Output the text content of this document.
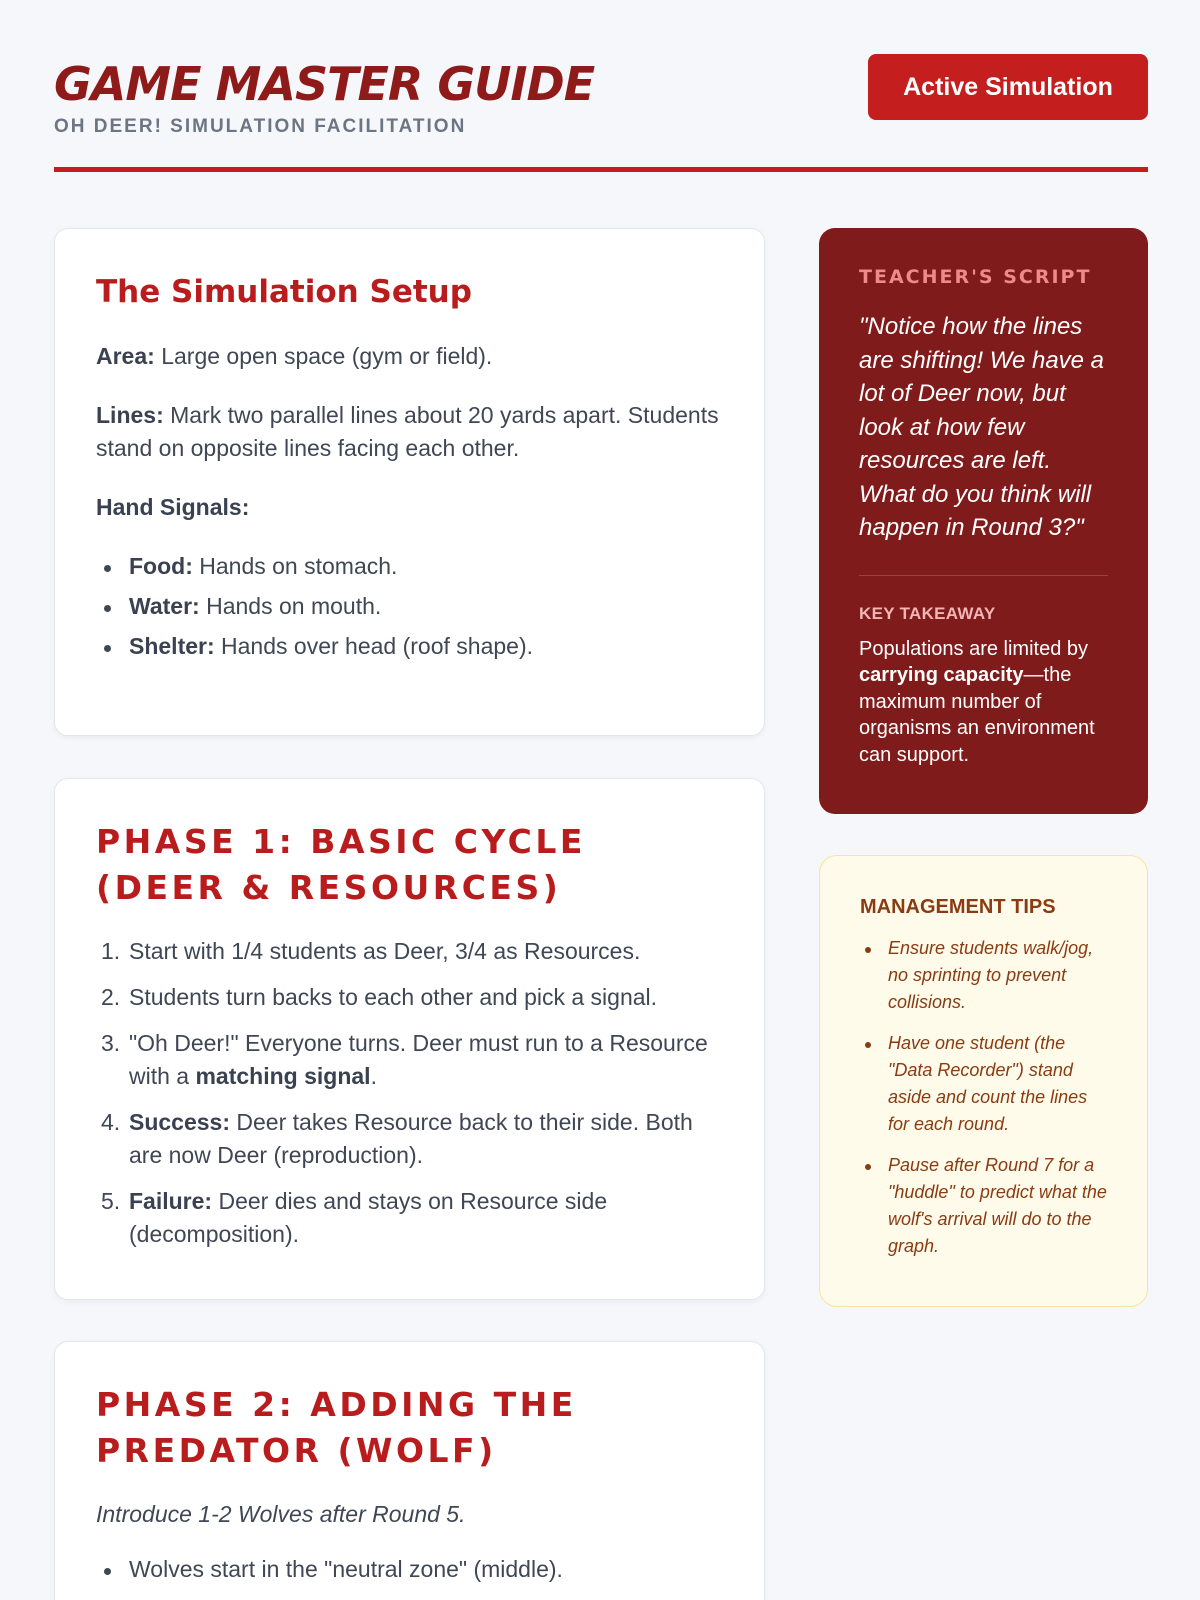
GAME MASTER GUIDE
OH DEER! SIMULATION FACILITATION
Active Simulation
The Simulation Setup

Area: Large open space (gym or field).

Lines: Mark two parallel lines about 20 yards apart. Students stand on opposite lines facing each other.

Hand Signals:

Food: Hands on stomach.
Water: Hands on mouth.
Shelter: Hands over head (roof shape).
PHASE 1: BASIC CYCLE (DEER & RESOURCES)
1. Start with 1/4 students as Deer, 3/4 as Resources.
2. Students turn backs to each other and pick a signal.
3. "Oh Deer!" Everyone turns. Deer must run to a Resource with a matching signal.
4. Success: Deer takes Resource back to their side. Both are now Deer (reproduction).
5. Failure: Deer dies and stays on Resource side (decomposition).
PHASE 2: ADDING THE PREDATOR (WOLF)

Introduce 1-2 Wolves after Round 5.

Wolves start in the "neutral zone" (middle).
TEACHER'S SCRIPT
"Notice how the lines are shifting! We have a lot of Deer now, but look at how few resources are left. What do you think will happen in Round 3?"
KEY TAKEAWAY
Populations are limited by carrying capacity—the maximum number of organisms an environment can support.
MANAGEMENT TIPS
Ensure students walk/jog, no sprinting to prevent collisions.
Have one student (the "Data Recorder") stand aside and count the lines for each round.
Pause after Round 7 for a "huddle" to predict what the wolf's arrival will do to the graph.
